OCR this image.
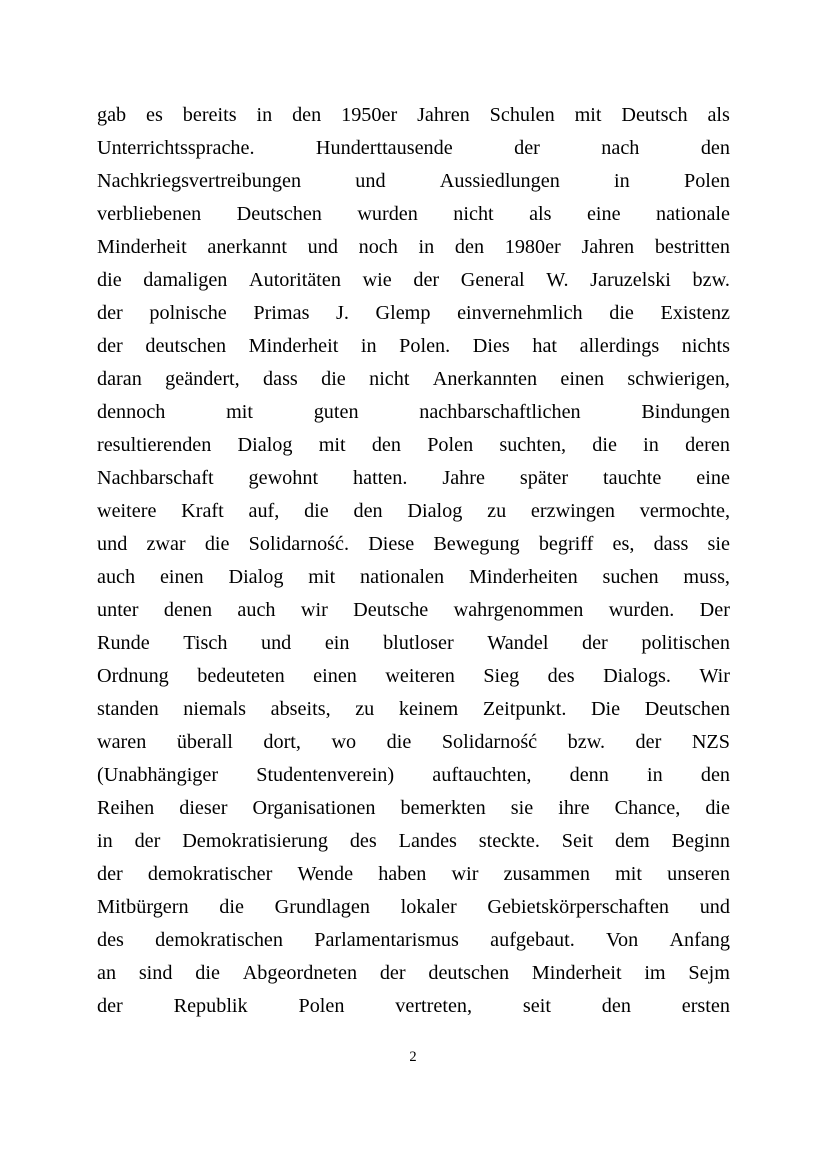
gab es bereits in den 1950er Jahren Schulen mit Deutsch als
Unterrichtssprache.	Hunderttausende	der	nach	den
Nachkriegsvertreibungen	und	Aussiedlungen	in	Polen
verbliebenen Deutschen wurden nicht als eine nationale
Minderheit anerkannt und noch in den 1980er Jahren bestritten
die damaligen Autoritäten wie der General W. Jaruzelski bzw.
der polnische Primas J. Glemp einvernehmlich die Existenz
der deutschen Minderheit in Polen. Dies hat allerdings nichts
daran geändert, dass die nicht Anerkannten einen schwierigen,
dennoch	mit	guten	nachbarschaftlichen	Bindungen
resultierenden Dialog mit den Polen suchten, die in deren
Nachbarschaft gewohnt hatten. Jahre später tauchte eine
weitere Kraft auf, die den Dialog zu erzwingen vermochte,
und zwar die Solidarność. Diese Bewegung begriff es, dass sie
auch einen Dialog mit nationalen Minderheiten suchen muss,
unter denen auch wir Deutsche wahrgenommen wurden. Der
Runde Tisch und ein blutloser Wandel der politischen
Ordnung bedeuteten einen weiteren Sieg des Dialogs. Wir
standen niemals abseits, zu keinem Zeitpunkt. Die Deutschen
waren überall dort, wo die Solidarność bzw. der NZS
(Unabhängiger Studentenverein) auftauchten, denn in den
Reihen dieser Organisationen bemerkten sie ihre Chance, die
in der Demokratisierung des Landes steckte. Seit dem Beginn
der demokratischer Wende haben wir zusammen mit unseren
Mitbürgern die Grundlagen lokaler Gebietskörperschaften und
des demokratischen Parlamentarismus aufgebaut. Von Anfang
an sind die Abgeordneten der deutschen Minderheit im Sejm
der	Republik	Polen	vertreten,	seit	den	ersten
2
